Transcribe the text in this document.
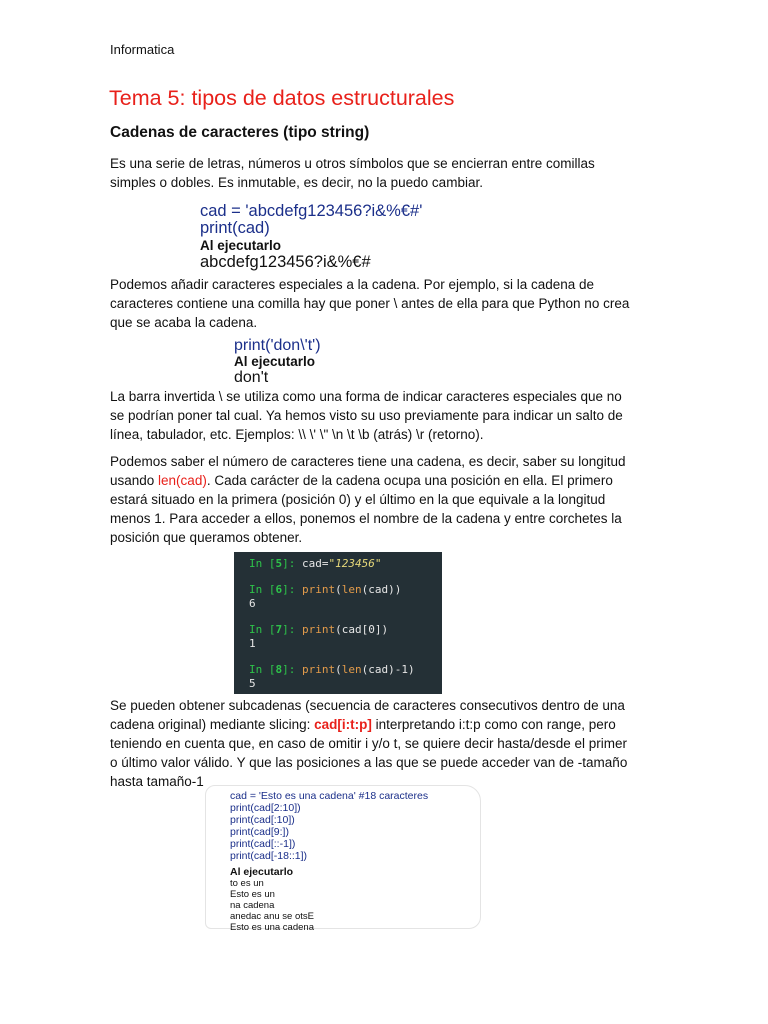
Informatica
Tema 5: tipos de datos estructurales
Cadenas de caracteres (tipo string)
Es una serie de letras, números u otros símbolos que se encierran entre comillas
simples o dobles. Es inmutable, es decir, no la puedo cambiar.
cad = 'abcdefg123456?i&%€#'
print(cad)
Al ejecutarlo
abcdefg123456?i&%€#
Podemos añadir caracteres especiales a la cadena. Por ejemplo, si la cadena de
caracteres contiene una comilla hay que poner \ antes de ella para que Python no crea
que se acaba la cadena.
print('don\'t')
Al ejecutarlo
don't
La barra invertida \ se utiliza como una forma de indicar caracteres especiales que no
se podrían poner tal cual. Ya hemos visto su uso previamente para indicar un salto de
línea, tabulador, etc. Ejemplos: \\ \' \" \n \t \b (atrás) \r (retorno).
Podemos saber el número de caracteres tiene una cadena, es decir, saber su longitud
usando len(cad). Cada carácter de la cadena ocupa una posición en ella. El primero
estará situado en la primera (posición 0) y el último en la que equivale a la longitud
menos 1. Para acceder a ellos, ponemos el nombre de la cadena y entre corchetes la
posición que queramos obtener.
In [5]: cad="123456"
In [6]: print(len(cad))
6
In [7]: print(cad[0])
1
In [8]: print(len(cad)-1)
5
Se pueden obtener subcadenas (secuencia de caracteres consecutivos dentro de una
cadena original) mediante slicing: cad[i:t:p] interpretando i:t:p como con range, pero
teniendo en cuenta que, en caso de omitir i y/o t, se quiere decir hasta/desde el primer
o último valor válido. Y que las posiciones a las que se puede acceder van de -tamaño
hasta tamaño-1
cad = 'Esto es una cadena' #18 caracteres
print(cad[2:10])
print(cad[:10])
print(cad[9:])
print(cad[::-1])
print(cad[-18::1])
Al ejecutarlo
to es un
Esto es un
na cadena
anedac anu se otsE
Esto es una cadena
